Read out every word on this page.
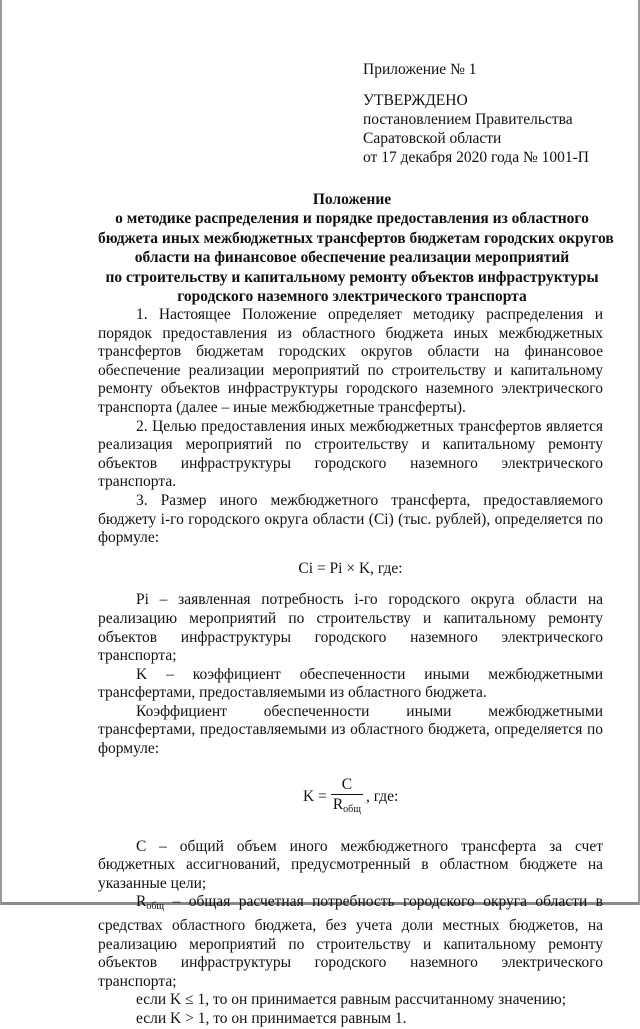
Приложение № 1
УТВЕРЖДЕНО
постановлением Правительства
Саратовской области
от 17 декабря 2020 года № 1001-П
Положение
о методике распределения и порядке предоставления из областного
бюджета иных межбюджетных трансфертов бюджетам городских округов
области на финансовое обеспечение реализации мероприятий
по строительству и капитальному ремонту объектов инфраструктуры
городского наземного электрического транспорта

1. Настоящее Положение определяет методику распределения и порядок предоставления из областного бюджета иных межбюджетных трансфертов бюджетам городских округов области на финансовое обеспечение реализации мероприятий по строительству и капитальному ремонту объектов инфраструктуры городского наземного электрического транспорта (далее – иные межбюджетные трансферты).

2. Целью предоставления иных межбюджетных трансфертов является реализация мероприятий по строительству и капитальному ремонту объектов инфраструктуры городского наземного электрического транспорта.

3. Размер иного межбюджетного трансферта, предоставляемого бюджету i-го городского округа области (Ci) (тыс. рублей), определяется по формуле:

Ci = Pi × K, где:

Pi – заявленная потребность i-го городского округа области на реализацию мероприятий по строительству и капитальному ремонту объектов инфраструктуры городского наземного электрического транспорта;

K – коэффициент обеспеченности иными межбюджетными трансфертами, предоставляемыми из областного бюджета.

Коэффициент обеспеченности иными межбюджетными трансфертами, предоставляемыми из областного бюджета, определяется по формуле:

$K = \frac{C}{R_{общ}}$ , где:

C – общий объем иного межбюджетного трансферта за счет бюджетных ассигнований, предусмотренный в областном бюджете на указанные цели;

$R_{общ}$ – общая расчетная потребность городского округа области в средствах областного бюджета, без учета доли местных бюджетов, на реализацию мероприятий по строительству и капитальному ремонту объектов инфраструктуры городского наземного электрического транспорта;

если K ≤ 1, то он принимается равным рассчитанному значению;

если K > 1, то он принимается равным 1.
